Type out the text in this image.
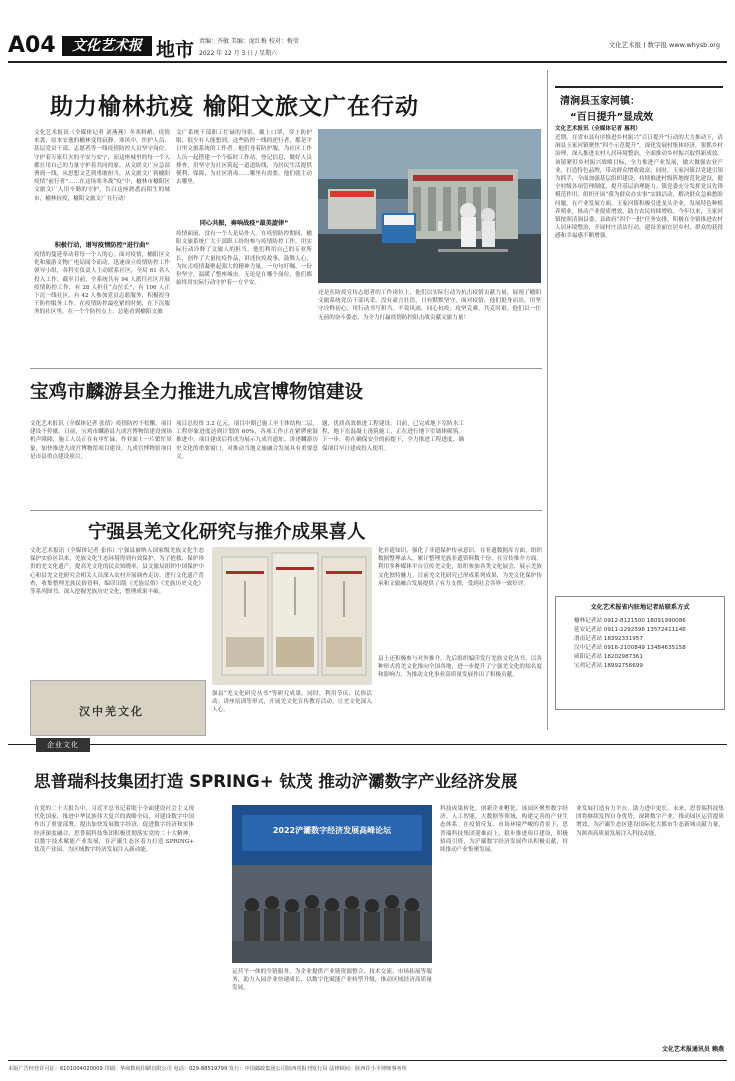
A04	文化艺术报 地市 责编：齐敏 美编：庞红梅 校对：梅莹
2022 年 12 月 3 日 / 星期六
文化艺术报 | 数字报 www.whysb.org
助力榆林抗疫 榆阳文旅文广在行动
文化艺术报讯（全媒体记者 刘燕燕）冬寒料峭，疫情来袭，原本安逸的榆林变得寂静。寒风中，医护人员、基层党员干部、志愿者等一线疫情防控人员坚守岗位，守护着万家灯火的平安与安宁，而这座城里的每一个人都在用自己的力量守护着共同的家。从文联文广应急部署到一线，从思想文艺到勇敢担当，从文旅文广到榆阳疫情“前行者”……在这场寒冬战“疫”中，榆林市榆阳区文旅文广人用辛勤的守护、告白这座熟悉而陌生的城市，榆林抗疫，榆阳文旅文广在行动！
积极行动，谱写疫情防控“进行曲”
疫情的蔓延牵动着每一个人的心。面对疫情，榆阳区文化和旅游文物广电局闻令而动，迅速成立疫情防控工作领导小组，各科室负责人主动联系社区，全局 61 名人投入工作。截至目前，全系统共有 94 人派往社区开展疫情防控工作，有 28 人担任“点位长”，有 106 人正下沉一线社区，有 42 人参加党员志愿服务，积极投身于防控服务工作。在疫情防控最吃紧的时刻，在下沉服务的社区里，在一个个防控点上，总能看到榆阳文旅
文广系统干部职工忙碌的身影。戴上口罩，穿上防护服，很少有人能想到，这些防控一线的逆行者，都是平日里文旅系统的工作者。他们身着防护服，为社区工作人员一起搭建一个个临时工作站、登记信息，做好人员排查，用坚守为社区筑起一道道防线，为居民生活提供便利、保障，为社区消毒……哪里有需要，他们就主动去哪里。
同心共振，奏响战疫“最美旋律”
疫情面前，没有一个人是局外人。在疫情防控期间，榆阳文旅系统广大干部职工纷纷参与疫情防控工作，用实际行动诠释了文旅人的担当。他们利用自己的专业所长，创作了大量抗疫作品，讲述抗疫故事，鼓舞人心，为抗击疫情凝聚起强大的精神力量。一句句叮嘱、一份份坚守，温暖了整座城市。无论是在哪个岗位，他们都始终用实际行动守护着一方平安。
还是在防疫宣传志愿者的工作岗位上，他们以实际行动为抗击疫情贡献力量，展现了榆阳文旅系统党员干部风采。没有豪言壮语，只有默默坚守，面对疫情，他们挺身而出，用坚守诠释初心，用行动书写担当。不畏风雨，同心抗疫；攻坚克难，共克时艰。他们以一往无前的奋斗姿态，为全力打赢疫情防控阻击战贡献文旅力量！
清涧县玉家河镇：
“百日提升”显成效
文化艺术报讯（全媒体记者 惠利）
近期，在省市县有序推进乡村振兴“百日提升”行动的大力推动下，清涧县玉家河镇聚焦“四个示范提升”，深化发展村集体经济，狠抓乡村治理，深入推进农村人居环境整治，全面推动乡村振兴取得新成效。该镇紧盯乡村振兴战略目标，全力推进产业发展，做大做强农业产业，打造特色品牌，带动群众增收致富。同时，玉家河镇以党建引领为抓手，全面加强基层组织建设，持续推进村级阵地规范化建设，健全村级各项管理制度，提升基层治理能力。镇党委充分发挥党员先锋模范作用，组织开展“我为群众办实事”实践活动，解决群众急难愁盼问题。在产业发展方面，玉家河镇积极引进龙头企业，发展特色种植养殖业，推动产业提质增效，助力农民持续增收。今年以来，玉家河镇按照清涧县委、县政府“四个一批”任务安排，积极在全镇推进农村人居环境整治，开展村庄清洁行动，建设美丽宜居乡村，群众的获得感和幸福感不断增强。
文化艺术报省内驻地记者站联系方式
榆林记者站 0912-8121500 18091990086
延安记者站 0911-2292398 13572411146
渭南记者站 18392331957
汉中记者站 0916-2100849 13484635158
咸阳记者站 18202987361
宝鸡记者站 18992756699
宝鸡市麟游县全力推进九成宫博物馆建设
文化艺术报讯（全媒体记者 张倩）疫情防控不松懈，项目建设不停歇。日前，宝鸡市麟游县九成宫博物馆建设现场机声隆隆，施工人员正在有序忙碌，作业面上一片繁忙景象，加快推进九成宫博物馆项目建设。九成宫博物馆项目是市县重点建设项目，
项目总投资 3.2 亿元，项目中期已施工至主体结构二层，工程形象进度达到计划的 60%，各项工作正在紧锣密鼓推进中。项目建成后将成为展示九成宫遗址、讲述麟游历史文化的重要窗口，对推动当地文旅融合发展具有重要意义。
题，优质高效推进工程建设。目前，已完成地下室防水工程，地下室混凝土浇筑施工，正在进行地下室墙体砌筑。下一步，将在确保安全的前提下，全力推进工程进度，确保项目早日建成投入使用。
宁强县羌文化研究与推介成果喜人
文化艺术报讯（全媒体记者 张伟）宁强县被纳入国家级羌族文化生态保护实验区以来，羌族文化生态环境得到有效保护，为了抢救、保护珍贵的羌文化遗产，提高羌文化的民众知晓率，县文旅局组织中国保护中心和县羌文化研究会相关人员深入农村开展调查走访，进行文化遗产普查，收集整理羌族民俗资料，编印出版《羌族民俗》《羌族历史文化》等系列图书，深入挖掘羌族历史文化，整理成果丰硕。
汉中羌文化
强县“羌文化研究丛书”等研究成果。同时，利用节庆、民俗活动、讲座培训等形式，开展羌文化宣传教育活动，让羌文化深入人心。
化非遗知识，强化了非遗保护传承意识。在非遗数据库方面，组织数据整理录入，累计整理羌族非遗资料数千份。在宣传推介方面，利用多种媒体平台宣传羌文化，组织参加各类文化展会，展示羌族文化独特魅力。目前羌文化研究已形成系列成果，为羌文化保护传承和文旅融合发展提供了有力支撑，受到社会各界一致好评。
县上还积极参与对外推介，先后组织编印发行羌族文化丛书，以各种形式将羌文化推向全国各地，进一步提升了宁强羌文化的知名度和影响力，为推动文化事业高质量发展作出了积极贡献。
企业文化
思普瑞科技集团打造 SPRING+ 钛茂 推动浐灞数字产业经济发展
在党的二十大报告中，习近平总书记着眼于全面建设社会主义现代化国家，推进中华民族伟大复兴的战略全局，对建设数字中国作出了重要部署，提出加快发展数字经济，促进数字经济和实体经济深度融合。思普瑞科技集团积极贯彻落实党的二十大精神，以数字技术赋能产业发展，在浐灞生态区着力打造 SPRING+ 钛茂产业园，为区域数字经济发展注入新动能。
2022浐灞数字经济发展高峰论坛
运营平一体的全链服务。为企业提供产业链资源整合、技术交流、市场拓展等服务，助力入园企业快速成长，以数字化赋能产业转型升级，推动区域经济高质量发展。
科技成果转化，创新企业孵化。该园区聚焦数字经济、人工智能、大数据等领域，构建完善的产业生态体系。在疫情反复、市场环境严峻的背景下，思普瑞科技集团迎难而上，稳步推进项目建设，积极招商引资，为浐灞数字经济发展作出积极贡献，持续推动产业集聚发展。
业发展打造有力平台，助力进中更长。未来，思普瑞科技集团将继续发挥自身优势，深耕数字产业，推动园区运营提质增效，为浐灞生态区建设国际化大都市生态新城贡献力量，为陕西高质量发展注入科技动能。
文化艺术报通讯员 赖燕
本版广告经营许可证：6101004020009 印刷：华商数码印刷有限公司 电话：029-88519799 发行：中国邮政集团公司陕西省报刊发行局 法律顾问：陕西许小平律师事务所
